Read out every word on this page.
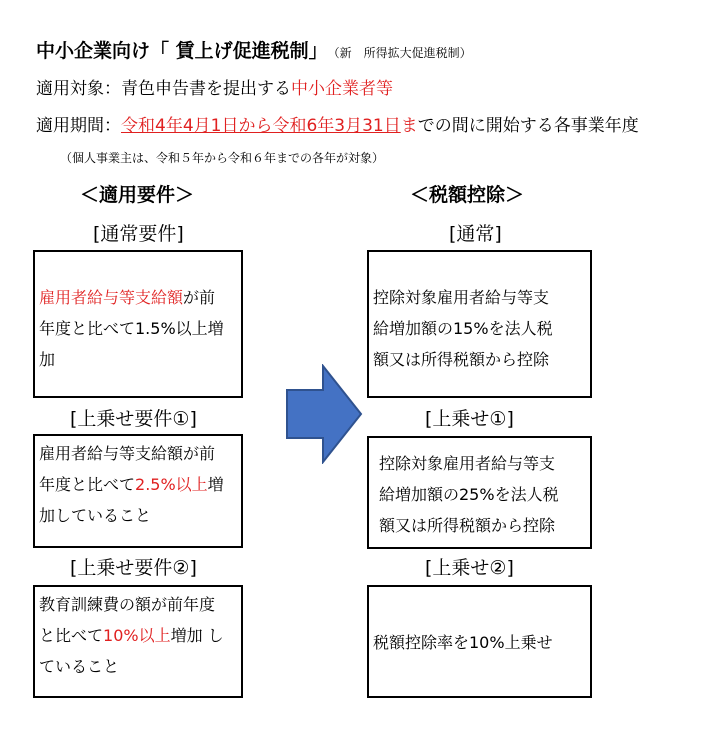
中小企業向け「 賃上げ促進税制」 （新　所得拡大促進税制）
適用対象：青色申告書を提出する中小企業者等
適用期間：令和4年4月1日から令和6年3月31日までの間に開始する各事業年度
（個人事業主は、令和５年から令和６年までの各年が対象）
＜適用要件＞	＜税額控除＞
[通常要件]
雇用者給与等支給額が前
年度と比べて1.5%以上増
加
[上乗せ要件①]
雇用者給与等支給額が前
年度と比べて2.5%以上増
加していること
[上乗せ要件②]
教育訓練費の額が前年度
と比べて10%以上増加 し
ていること
[通常]
控除対象雇用者給与等支
給増加額の15%を法人税
額又は所得税額から控除
[上乗せ①]
控除対象雇用者給与等支
給増加額の25%を法人税
額又は所得税額から控除
[上乗せ②]
税額控除率を10%上乗せ
